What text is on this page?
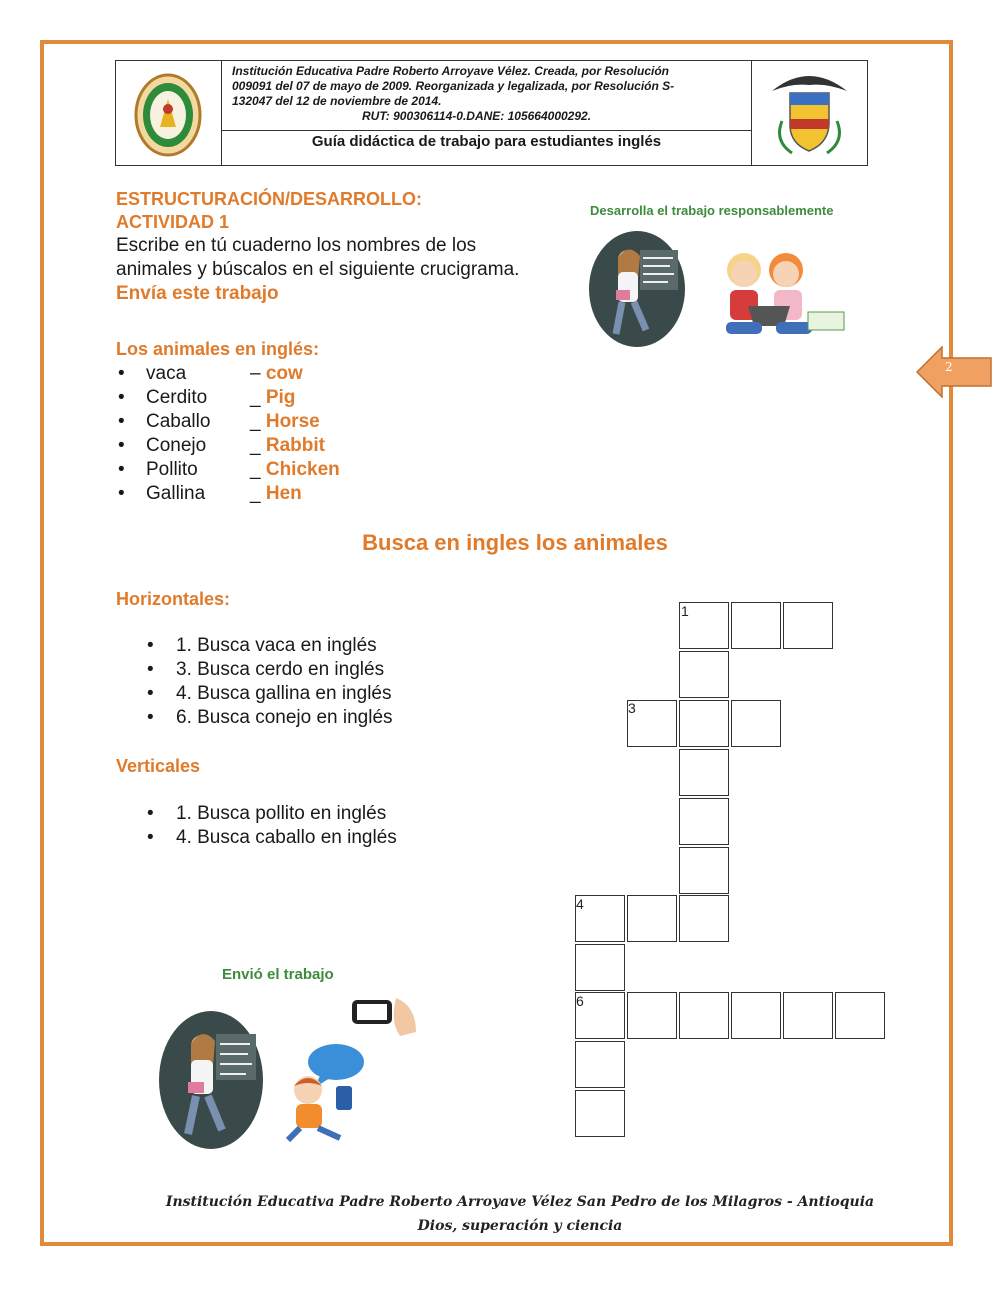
Institución Educativa Padre Roberto Arroyave Vélez. Creada, por Resolución
009091 del 07 de mayo de 2009. Reorganizada y legalizada, por Resolución S-
132047 del 12 de noviembre de 2014.

RUT: 900306114-0.DANE: 105664000292.
Guía didáctica de trabajo para estudiantes inglés
ESTRUCTURACIÓN/DESARROLLO:
ACTIVIDAD 1
Escribe en tú cuaderno los nombres de los animales y búscalos en el siguiente crucigrama. Envía este trabajo
Desarrolla el trabajo responsablemente
Los animales en inglés:
• vaca	– cow
• Cerdito _ Pig
• Caballo _ Horse
• Conejo _ Rabbit
• Pollito	_ Chicken
• Gallina _ Hen
2
Busca en ingles los animales
Horizontales:
• 1. Busca vaca en inglés
• 3. Busca cerdo en inglés
• 4. Busca gallina en inglés
• 6. Busca conejo en inglés
Verticales
• 1. Busca pollito en inglés
• 4. Busca caballo en inglés
1
3
4
6
Envió el trabajo
Institución Educativa Padre Roberto Arroyave Vélez San Pedro de los Milagros - Antioquia Dios, superación y ciencia
